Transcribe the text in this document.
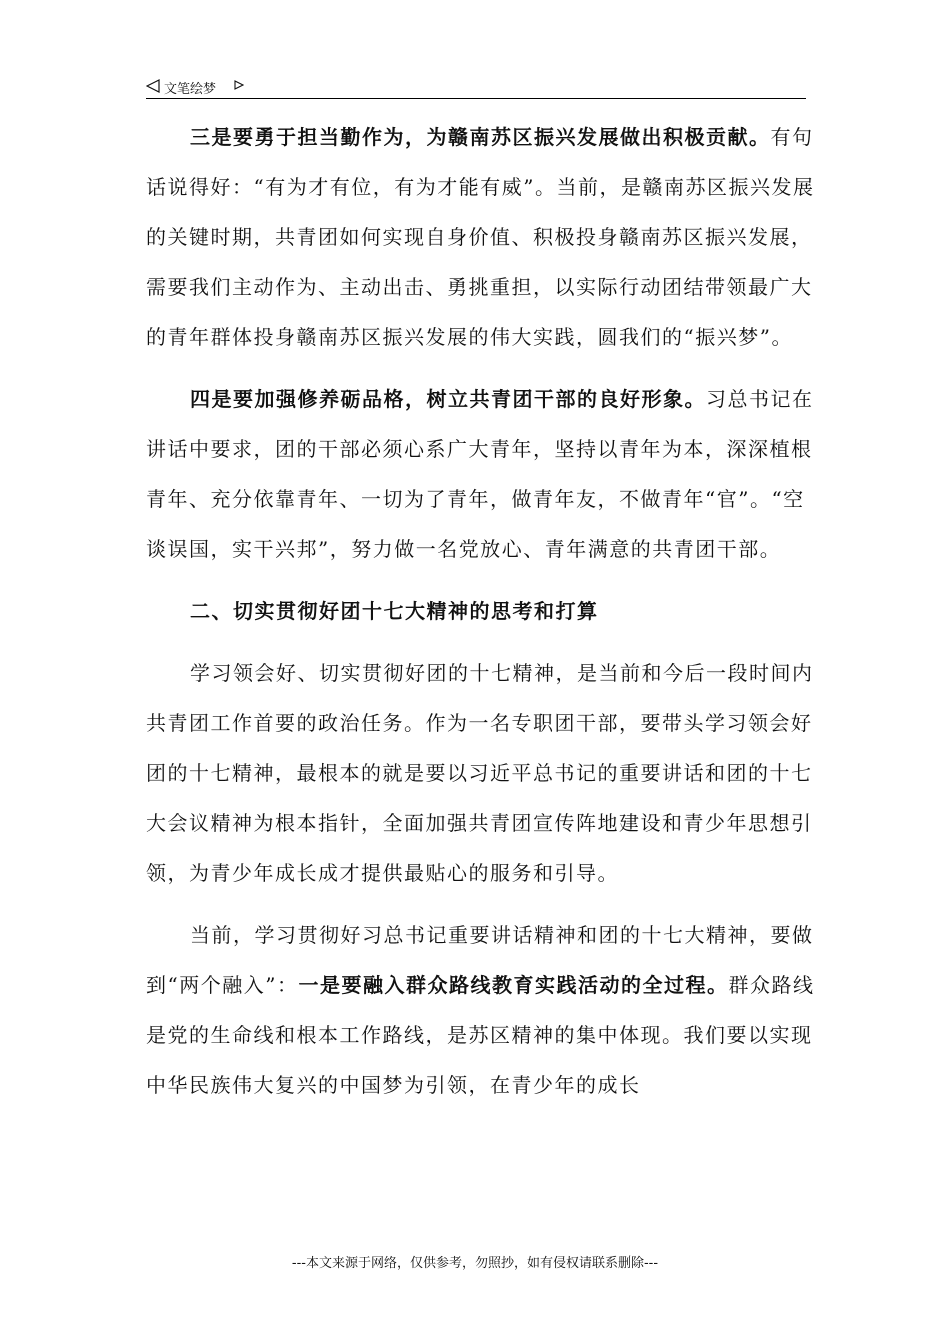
文笔绘梦

三是要勇于担当勤作为，为赣南苏区振兴发展做出积极贡献。有句话说得好：“有为才有位，有为才能有威”。当前，是赣南苏区振兴发展的关键时期，共青团如何实现自身价值、积极投身赣南苏区振兴发展，需要我们主动作为、主动出击、勇挑重担，以实际行动团结带领最广大的青年群体投身赣南苏区振兴发展的伟大实践，圆我们的“振兴梦”。

四是要加强修养砺品格，树立共青团干部的良好形象。习总书记在讲话中要求，团的干部必须心系广大青年，坚持以青年为本，深深植根青年、充分依靠青年、一切为了青年，做青年友，不做青年“官”。“空谈误国，实干兴邦”，努力做一名党放心、青年满意的共青团干部。

二、切实贯彻好团十七大精神的思考和打算

学习领会好、切实贯彻好团的十七精神，是当前和今后一段时间内共青团工作首要的政治任务。作为一名专职团干部，要带头学习领会好团的十七精神，最根本的就是要以习近平总书记的重要讲话和团的十七大会议精神为根本指针，全面加强共青团宣传阵地建设和青少年思想引领，为青少年成长成才提供最贴心的服务和引导。

当前，学习贯彻好习总书记重要讲话精神和团的十七大精神，要做到“两个融入”：一是要融入群众路线教育实践活动的全过程。群众路线是党的生命线和根本工作路线，是苏区精神的集中体现。我们要以实现中华民族伟大复兴的中国梦为引领，在青少年的成长

---本文来源于网络，仅供参考，勿照抄，如有侵权请联系删除---
